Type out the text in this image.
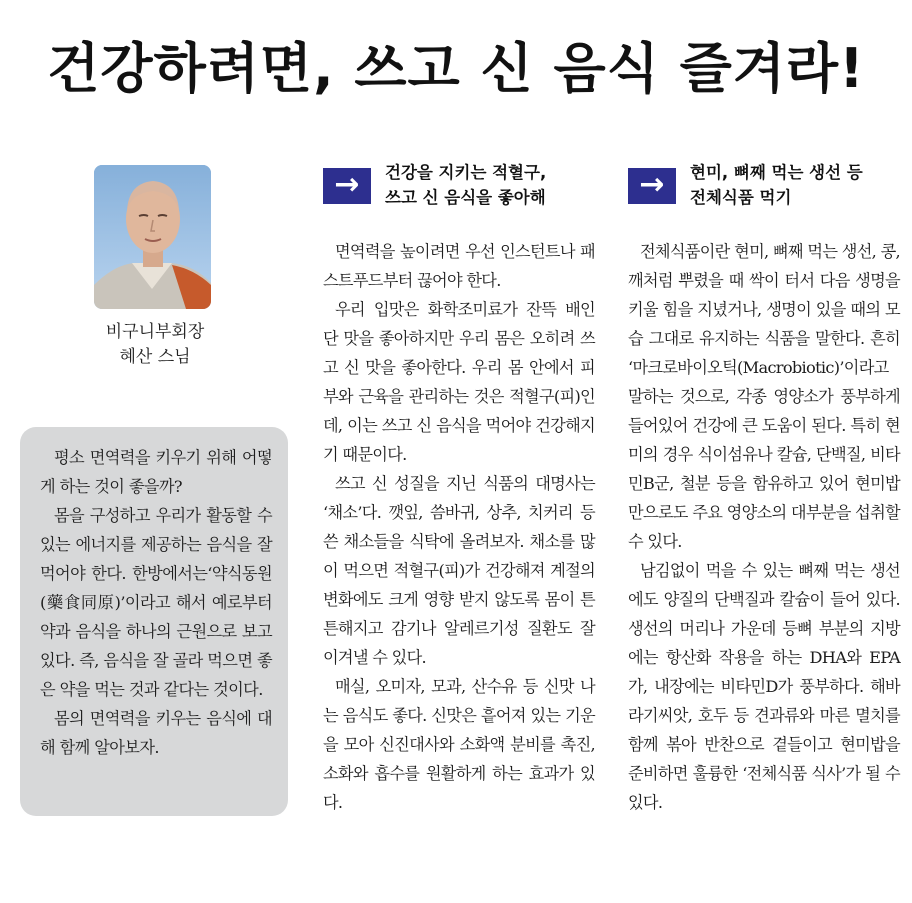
건강하려면, 쓰고 신 음식 즐겨라!
비구니부회장
혜산 스님

평소 면역력을 키우기 위해 어떻게 하는 것이 좋을까?

몸을 구성하고 우리가 활동할 수 있는 에너지를 제공하는 음식을 잘 먹어야 한다. 한방에서는‘약식동원(藥食同原)’이라고 해서 예로부터 약과 음식을 하나의 근원으로 보고 있다. 즉, 음식을 잘 골라 먹으면 좋은 약을 먹는 것과 같다는 것이다.

몸의 면역력을 키우는 음식에 대해 함께 알아보자.

→	건강을 지키는 적혈구,
쓰고 신 음식을 좋아해

면역력을 높이려면 우선 인스턴트나 패스트푸드부터 끊어야 한다.

우리 입맛은 화학조미료가 잔뜩 배인 단 맛을 좋아하지만 우리 몸은 오히려 쓰고 신 맛을 좋아한다. 우리 몸 안에서 피부와 근육을 관리하는 것은 적혈구(피)인데, 이는 쓰고 신 음식을 먹어야 건강해지기 때문이다.

쓰고 신 성질을 지닌 식품의 대명사는 ‘채소’다. 깻잎, 씀바귀, 상추, 치커리 등 쓴 채소들을 식탁에 올려보자. 채소를 많이 먹으면 적혈구(피)가 건강해져 계절의 변화에도 크게 영향 받지 않도록 몸이 튼튼해지고 감기나 알레르기성 질환도 잘 이겨낼 수 있다.

매실, 오미자, 모과, 산수유 등 신맛 나는 음식도 좋다. 신맛은 흩어져 있는 기운을 모아 신진대사와 소화액 분비를 촉진, 소화와 흡수를 원활하게 하는 효과가 있다.

→	현미, 뼈째 먹는 생선 등
전체식품 먹기

전체식품이란 현미, 뼈째 먹는 생선, 콩, 깨처럼 뿌렸을 때 싹이 터서 다음 생명을 키울 힘을 지녔거나, 생명이 있을 때의 모습 그대로 유지하는 식품을 말한다. 흔히 ‘마크로바이오틱(Macrobiotic)’이라고 말하는 것으로, 각종 영양소가 풍부하게 들어있어 건강에 큰 도움이 된다. 특히 현미의 경우 식이섬유나 칼슘, 단백질, 비타민B군, 철분 등을 함유하고 있어 현미밥만으로도 주요 영양소의 대부분을 섭취할 수 있다.

남김없이 먹을 수 있는 뼈째 먹는 생선에도 양질의 단백질과 칼슘이 들어 있다. 생선의 머리나 가운데 등뼈 부분의 지방에는 항산화 작용을 하는 DHA와 EPA가, 내장에는 비타민D가 풍부하다. 해바라기씨앗, 호두 등 견과류와 마른 멸치를 함께 볶아 반찬으로 곁들이고 현미밥을 준비하면 훌륭한 ‘전체식품 식사’가 될 수 있다.
